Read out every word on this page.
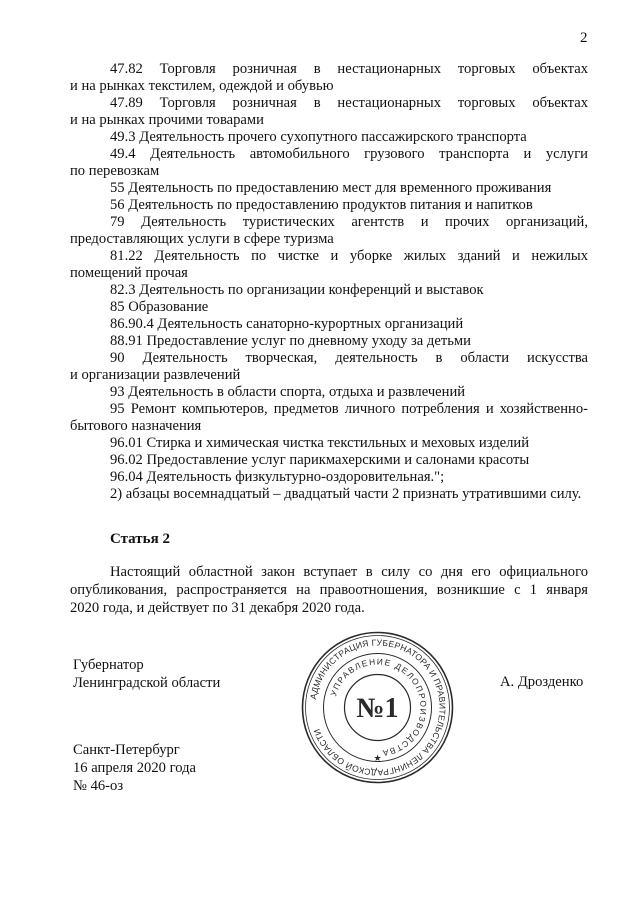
2
47.82 Торговля розничная в нестационарных торговых объектах
и на рынках текстилем, одеждой и обувью
47.89 Торговля розничная в нестационарных торговых объектах
и на рынках прочими товарами
49.3 Деятельность прочего сухопутного пассажирского транспорта
49.4 Деятельность автомобильного грузового транспорта и услуги
по перевозкам
55 Деятельность по предоставлению мест для временного проживания
56 Деятельность по предоставлению продуктов питания и напитков
79 Деятельность туристических агентств и прочих организаций,
предоставляющих услуги в сфере туризма
81.22 Деятельность по чистке и уборке жилых зданий и нежилых
помещений прочая
82.3 Деятельность по организации конференций и выставок
85 Образование
86.90.4 Деятельность санаторно-курортных организаций
88.91 Предоставление услуг по дневному уходу за детьми
90 Деятельность творческая, деятельность в области искусства
и организации развлечений
93 Деятельность в области спорта, отдыха и развлечений
95 Ремонт компьютеров, предметов личного потребления и хозяйственно-
бытового назначения
96.01 Стирка и химическая чистка текстильных и меховых изделий
96.02 Предоставление услуг парикмахерскими и салонами красоты
96.04 Деятельность физкультурно-оздоровительная.";
2) абзацы восемнадцатый – двадцатый части 2 признать утратившими силу.
Статья 2
Настоящий областной закон вступает в силу со дня его официального
опубликования, распространяется на правоотношения, возникшие с 1 января
2020 года, и действует по 31 декабря 2020 года.
Губернатор
Ленинградской области	А. Дрозденко
АДМИНИСТРАЦИЯ ГУБЕРНАТОРА И ПРАВИТЕЛЬСТВА ЛЕНИНГРАДСКОЙ ОБЛАСТИ
УПРАВЛЕНИЕ ДЕЛОПРОИЗВОДСТВА
№1
★
Санкт-Петербург
16 апреля 2020 года
№ 46-оз
